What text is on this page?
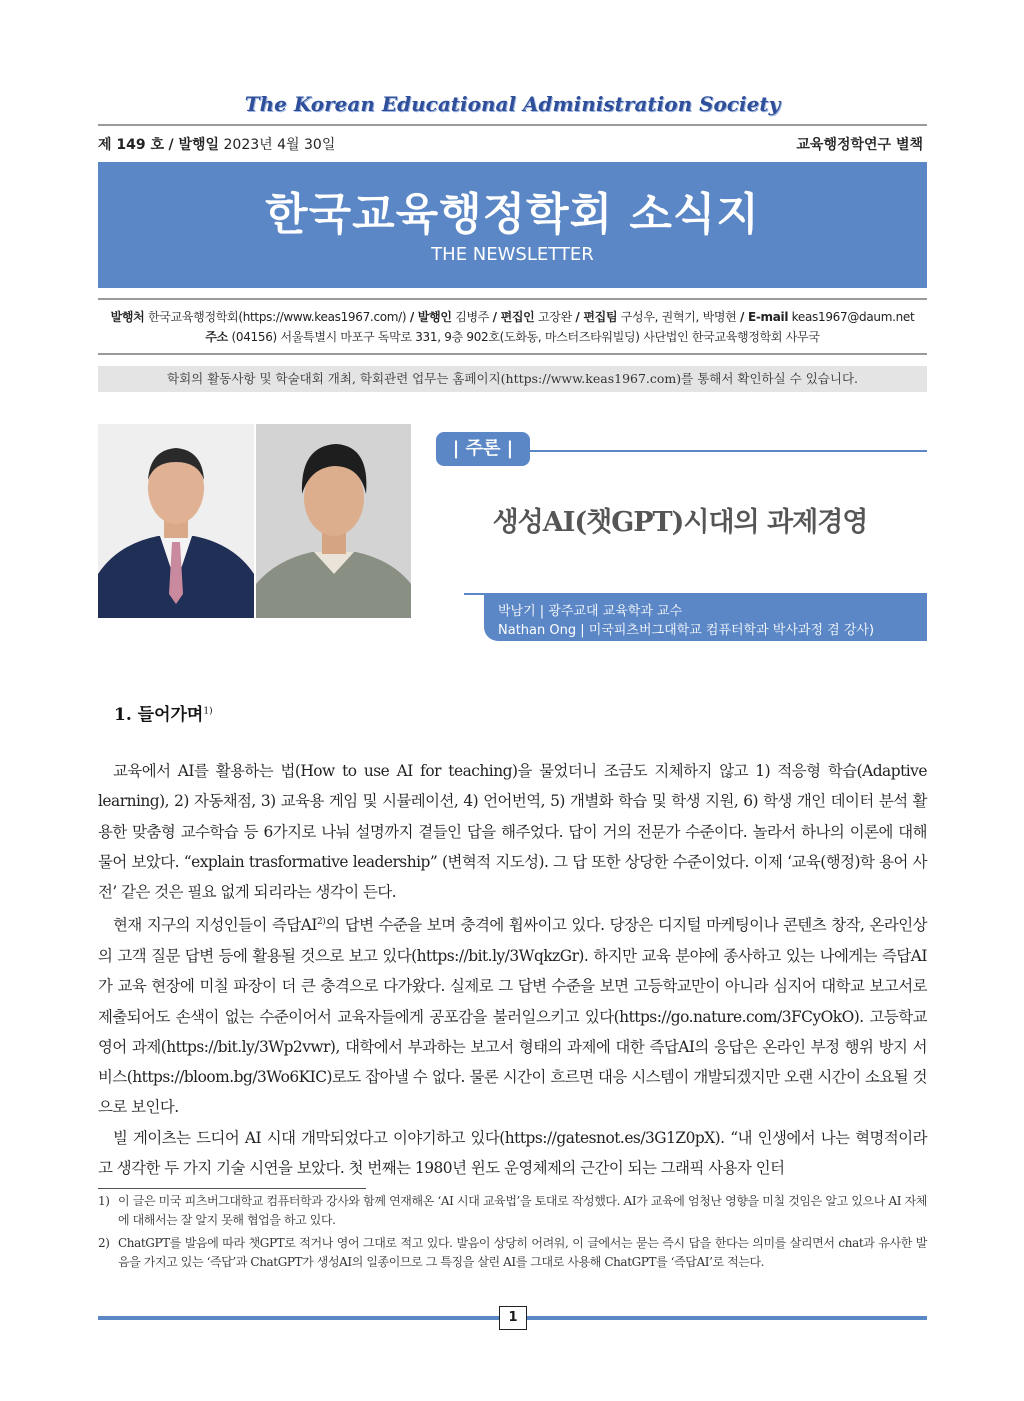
The Korean Educational Administration Society
제 149 호 / 발행일 2023년 4월 30일	교육행정학연구 별책
한국교육행정학회 소식지
THE NEWSLETTER
발행처 한국교육행정학회(https://www.keas1967.com/) / 발행인 김병주 / 편집인 고장완 / 편집팀 구성우, 권혁기, 박명현 / E-mail keas1967@daum.net
주소 (04156) 서울특별시 마포구 독막로 331, 9층 902호(도화동, 마스터즈타워빌딩) 사단법인 한국교육행정학회 사무국
학회의 활동사항 및 학술대회 개최, 학회관련 업무는 홈페이지(https://www.keas1967.com)를 통해서 확인하실 수 있습니다.
| 주론 |
생성AI(챗GPT)시대의 과제경영
박남기 | 광주교대 교육학과 교수
Nathan Ong | 미국피츠버그대학교 컴퓨터학과 박사과정 겸 강사)
1. 들어가며$^{1)}$

교육에서 AI를 활용하는 법(How to use AI for teaching)을 물었더니 조금도 지체하지 않고 1) 적응형 학습(Adaptive learning), 2) 자동채점, 3) 교육용 게임 및 시뮬레이션, 4) 언어번역, 5) 개별화 학습 및 학생 지원, 6) 학생 개인 데이터 분석 활용한 맞춤형 교수학습 등 6가지로 나눠 설명까지 곁들인 답을 해주었다. 답이 거의 전문가 수준이다. 놀라서 하나의 이론에 대해 물어 보았다. “explain trasformative leadership” (변혁적 지도성). 그 답 또한 상당한 수준이었다. 이제 ‘교육(행정)학 용어 사전’ 같은 것은 필요 없게 되리라는 생각이 든다.

현재 지구의 지성인들이 즉답AI$^{2)}$의 답변 수준을 보며 충격에 휩싸이고 있다. 당장은 디지털 마케팅이나 콘텐츠 창작, 온라인상의 고객 질문 답변 등에 활용될 것으로 보고 있다(https://bit.ly/3WqkzGr). 하지만 교육 분야에 종사하고 있는 나에게는 즉답AI가 교육 현장에 미칠 파장이 더 큰 충격으로 다가왔다. 실제로 그 답변 수준을 보면 고등학교만이 아니라 심지어 대학교 보고서로 제출되어도 손색이 없는 수준이어서 교육자들에게 공포감을 불러일으키고 있다(https://go.nature.com/3FCyOkO). 고등학교 영어 과제(https://bit.ly/3Wp2vwr), 대학에서 부과하는 보고서 형태의 과제에 대한 즉답AI의 응답은 온라인 부정 행위 방지 서비스(https://bloom.bg/3Wo6KIC)로도 잡아낼 수 없다. 물론 시간이 흐르면 대응 시스템이 개발되겠지만 오랜 시간이 소요될 것으로 보인다.

빌 게이츠는 드디어 AI 시대 개막되었다고 이야기하고 있다(https://gatesnot.es/3G1Z0pX). “내 인생에서 나는 혁명적이라고 생각한 두 가지 기술 시연을 보았다. 첫 번째는 1980년 윈도 운영체제의 근간이 되는 그래픽 사용자 인터

1) 이 글은 미국 피츠버그대학교 컴퓨터학과 강사와 함께 연재해온 ‘AI 시대 교육법’을 토대로 작성했다. AI가 교육에 엄청난 영향을 미칠 것임은 알고 있으나 AI 자체에 대해서는 잘 알지 못해 협업을 하고 있다.
2) ChatGPT를 발음에 따라 챗GPT로 적거나 영어 그대로 적고 있다. 발음이 상당히 어려워, 이 글에서는 묻는 즉시 답을 한다는 의미를 살리면서 chat과 유사한 발음을 가지고 있는 ‘즉답’과 ChatGPT가 생성AI의 일종이므로 그 특징을 살린 AI를 그대로 사용해 ChatGPT를 ‘즉답AI’로 적는다.
1
